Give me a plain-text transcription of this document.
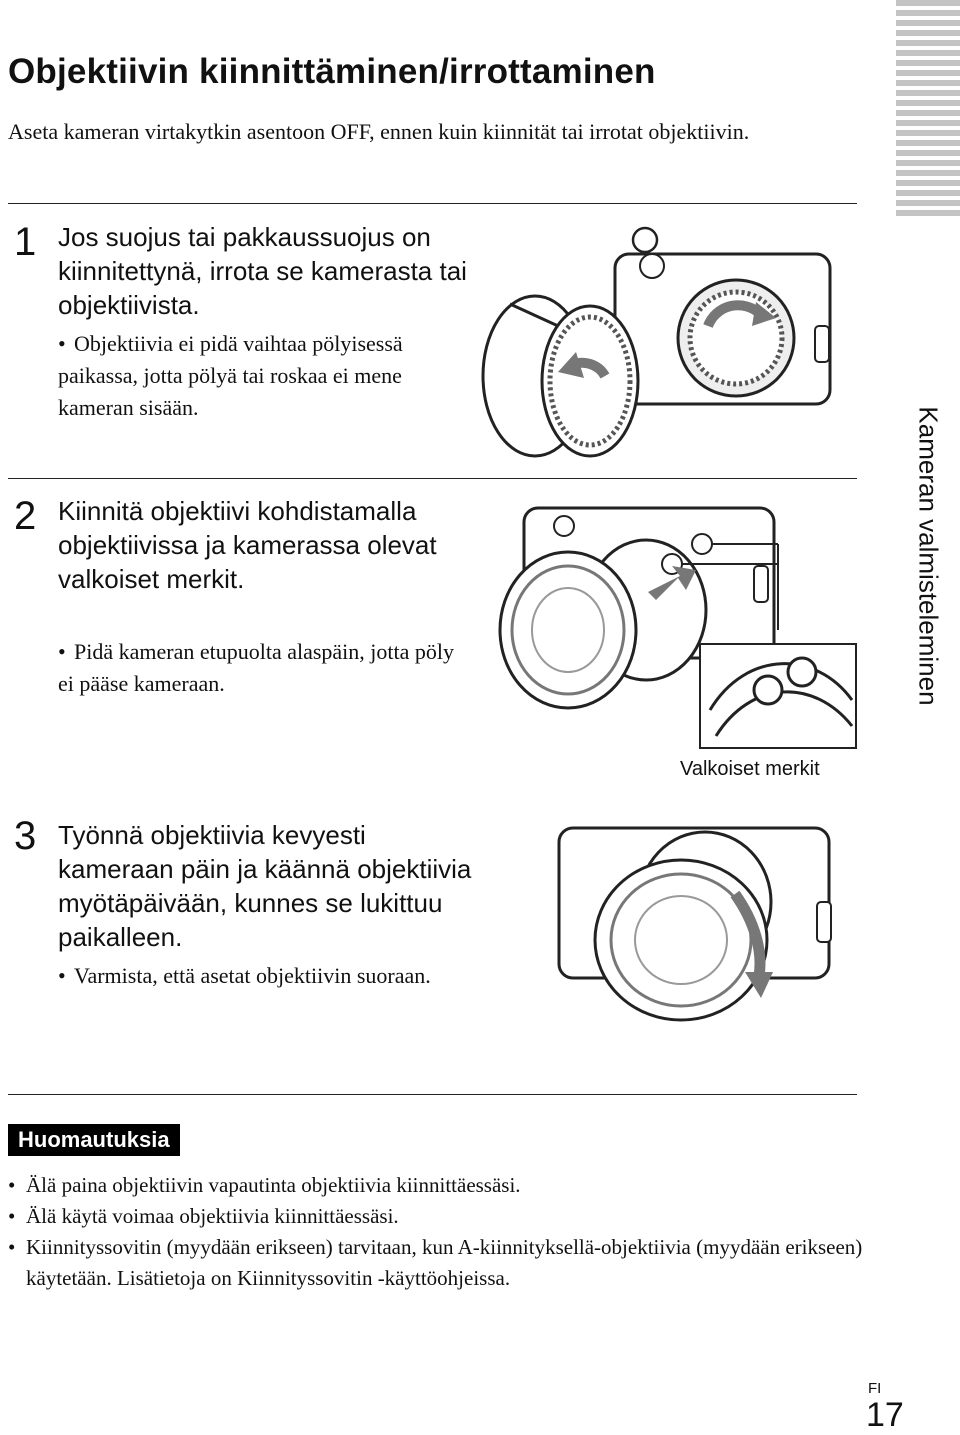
Kameran valmisteleminen
Objektiivin kiinnittäminen/irrottaminen
Aseta kameran virtakytkin asentoon OFF, ennen kuin kiinnität tai irrotat objektiivin.
1 Jos suojus tai pakkaussuojus on kiinnitettynä, irrota se kamerasta tai objektiivista.
• Objektiivia ei pidä vaihtaa pölyisessä paikassa, jotta pölyä tai roskaa ei mene kameran sisään.
2 Kiinnitä objektiivi kohdistamalla objektiivissa ja kamerassa olevat valkoiset merkit.
• Pidä kameran etupuolta alaspäin, jotta pöly ei pääse kameraan.
Valkoiset merkit
3 Työnnä objektiivia kevyesti kameraan päin ja käännä objektiivia myötäpäivään, kunnes se lukittuu paikalleen.
• Varmista, että asetat objektiivin suoraan.
Huomautuksia
• Älä paina objektiivin vapautinta objektiivia kiinnittäessäsi.
• Älä käytä voimaa objektiivia kiinnittäessäsi.
• Kiinnityssovitin (myydään erikseen) tarvitaan, kun A-kiinnityksellä-objektiivia (myydään erikseen) käytetään. Lisätietoja on Kiinnityssovitin -käyttöohjeissa.
FI
17
